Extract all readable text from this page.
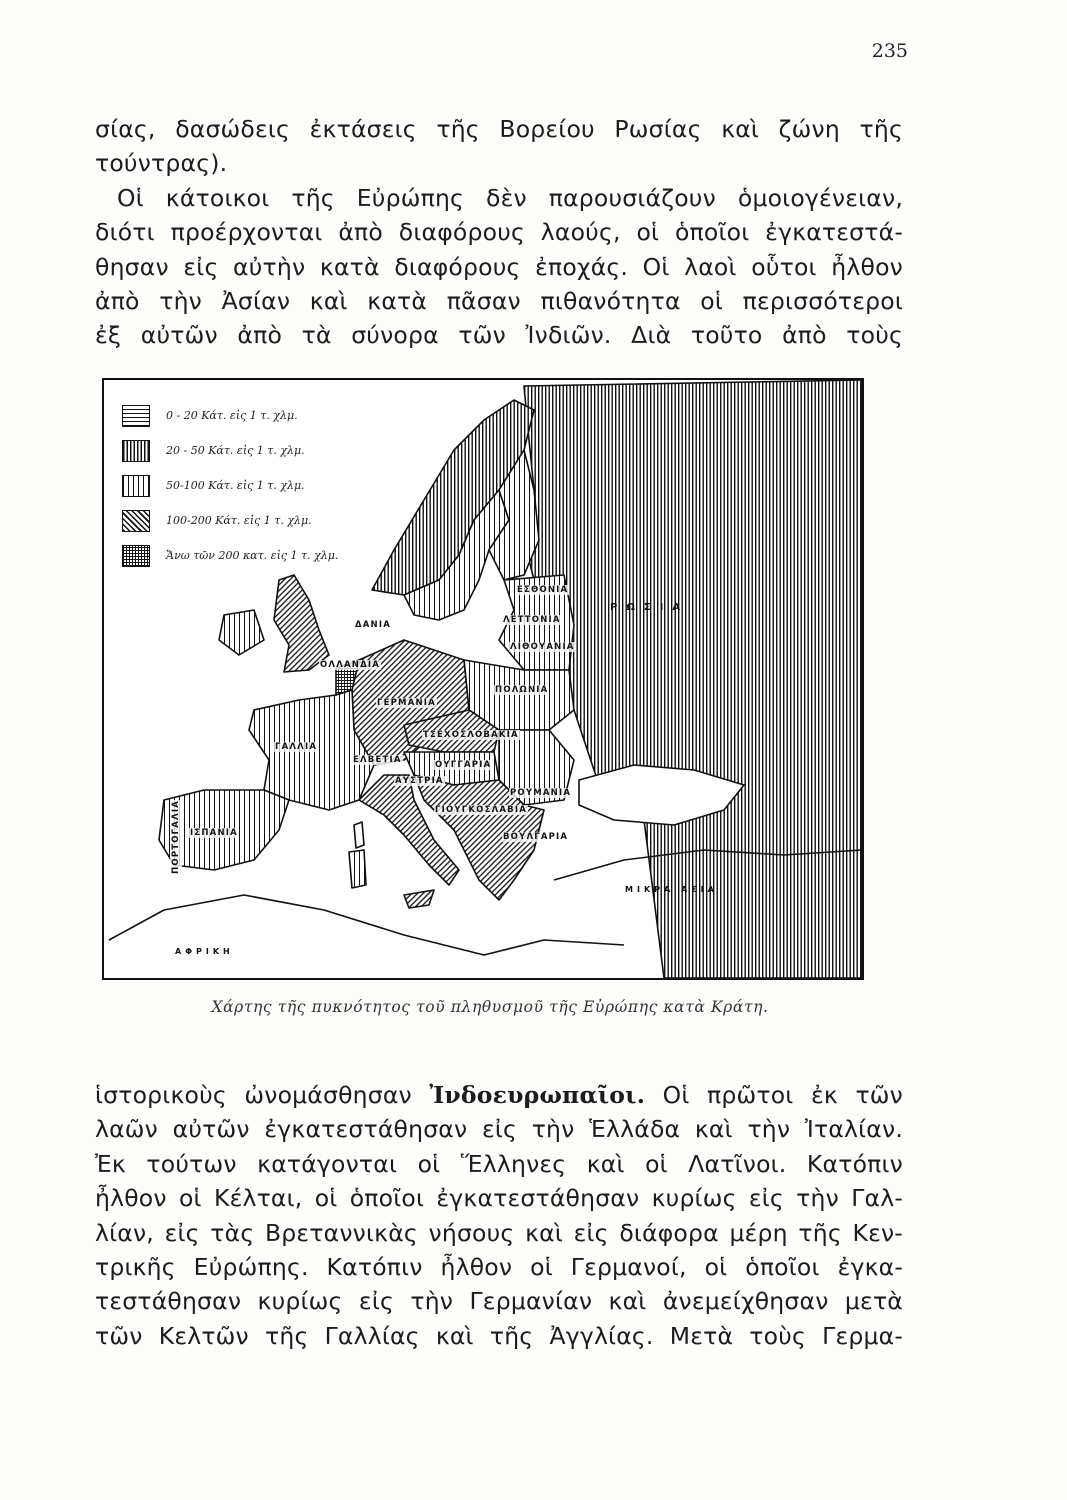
235
σίας, δασώδεις ἐκτάσεις τῆς Βορείου Ρωσίας καὶ ζώνη τῆς
τούντρας).
Οἱ κάτοικοι τῆς Εὐρώπης δὲν παρουσιάζουν ὁμοιογένειαν,
διότι προέρχονται ἀπὸ διαφόρους λαούς, οἱ ὁποῖοι ἐγκατεστά-
θησαν εἰς αὐτὴν κατὰ διαφόρους ἐποχάς. Οἱ λαοὶ οὗτοι ἦλθον
ἀπὸ τὴν Ἀσίαν καὶ κατὰ πᾶσαν πιθανότητα οἱ περισσότεροι
ἐξ αὐτῶν ἀπὸ τὰ σύνορα τῶν Ἰνδιῶν. Διὰ τοῦτο ἀπὸ τοὺς
0 - 20 Κάτ. εἰς 1 τ. χλμ.
20 - 50 Κάτ. εἰς 1 τ. χλμ.
50-100 Κάτ. εἰς 1 τ. χλμ.
100-200 Κάτ. εἰς 1 τ. χλμ.
Ἄνω τῶν 200 κατ. εἰς 1 τ. χλμ.
ΡΩΣΙΑ
ΕΣΘΟΝΙΑ
ΛΕΤΤΟΝΙΑ
ΛΙΘΟΥΑΝΙΑ
ΠΟΛΩΝΙΑ
ΤΣΕΧΟΣΛΟΒΑΚΙΑ
ΟΥΓΓΑΡΙΑ
ΡΟΥΜΑΝΙΑ
ΒΟΥΛΓΑΡΙΑ
ΓΙΟΥΓΚΟΣΛΑΒΙΑ
ΓΕΡΜΑΝΙΑ
ΑΥΣΤΡΙΑ
ΕΛΒΕΤΙΑ
ΓΑΛΛΙΑ
ΙΣΠΑΝΙΑ
ΠΟΡΤΟΓΑΛΙΑ
ΟΛΛΑΝΔΙΑ
ΔΑΝΙΑ
ΜΙΚΡΑ ΑΣΙΑ
ΑΦΡΙΚΗ
Χάρτης τῆς πυκνότητος τοῦ πληθυσμοῦ τῆς Εὐρώπης κατὰ Κράτη.
ἱστορικοὺς ὠνομάσθησαν Ἰνδοευρωπαῖοι. Οἱ πρῶτοι ἐκ τῶν
λαῶν αὐτῶν ἐγκατεστάθησαν εἰς τὴν Ἑλλάδα καὶ τὴν Ἰταλίαν.
Ἐκ τούτων κατάγονται οἱ Ἕλληνες καὶ οἱ Λατῖνοι. Κατόπιν
ἦλθον οἱ Κέλται, οἱ ὁποῖοι ἐγκατεστάθησαν κυρίως εἰς τὴν Γαλ-
λίαν, εἰς τὰς Βρεταννικὰς νήσους καὶ εἰς διάφορα μέρη τῆς Κεν-
τρικῆς Εὐρώπης. Κατόπιν ἦλθον οἱ Γερμανοί, οἱ ὁποῖοι ἐγκα-
τεστάθησαν κυρίως εἰς τὴν Γερμανίαν καὶ ἀνεμείχθησαν μετὰ
τῶν Κελτῶν τῆς Γαλλίας καὶ τῆς Ἀγγλίας. Μετὰ τοὺς Γερμα-
